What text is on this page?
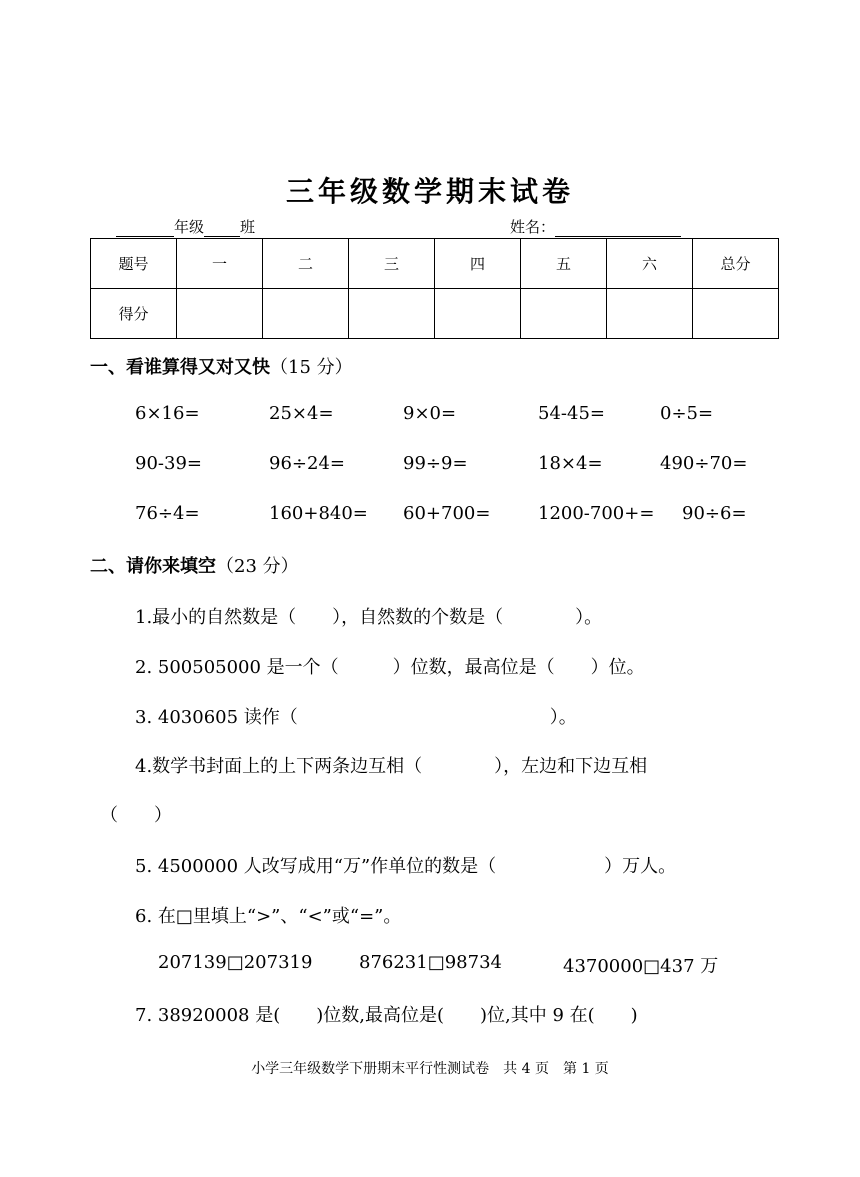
三年级数学期末试卷
年级 班	姓名：
题号	一	二	三	四	五	六	总分
得分							
一、看谁算得又对又快（15 分）
6×16=	25×4=	9×0=	54-45=	0÷5=
90-39=	96÷24=	99÷9=	18×4=	490÷70=
76÷4=	160+840= 60+700=	1200-700+= 90÷6=
二、请你来填空（23 分）
1.最小的自然数是（　　），自然数的个数是（　　　　）。
2. 500505000 是一个（　　　）位数，最高位是（　　）位。
3. 4030605 读作（　　　　　　　　　　　　　　）。
4.数学书封面上的上下两条边互相（　　　　），左边和下边互相
（　　）
5. 4500000 人改写成用“万”作单位的数是（　　　　　　）万人。
6. 在□里填上“>”、“<”或“=”。
207139□207319	876231□98734	4370000□437 万
7. 38920008 是(　　)位数,最高位是(　　)位,其中 9 在(　　)
小学三年级数学下册期末平行性测试卷　共 4 页　第 1 页
